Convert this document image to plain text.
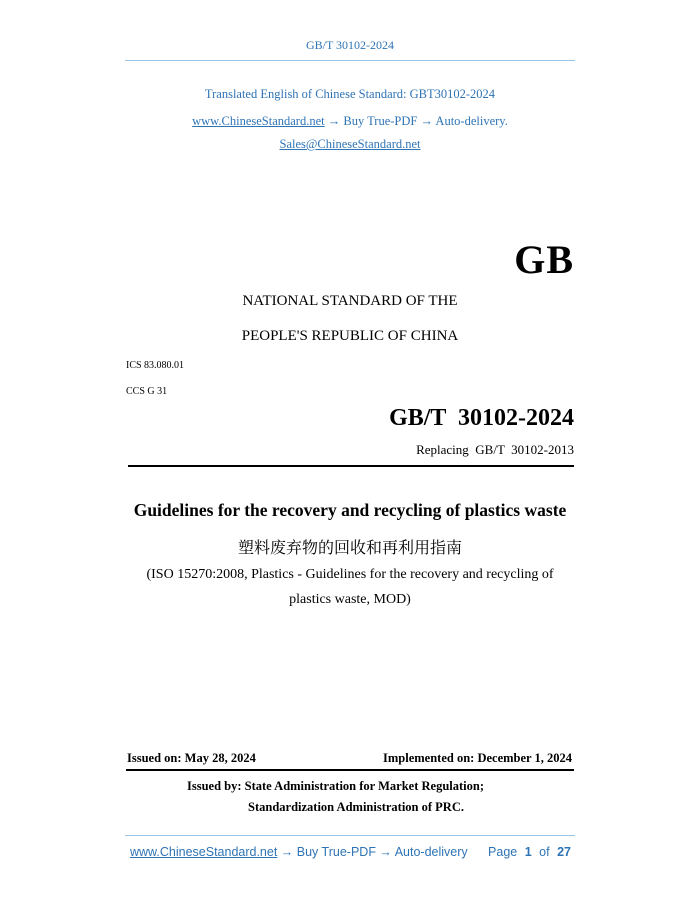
GB/T 30102-2024
Translated English of Chinese Standard: GBT30102-2024
www.ChineseStandard.net → Buy True-PDF → Auto-delivery.
Sales@ChineseStandard.net
GB
NATIONAL STANDARD OF THE
PEOPLE'S REPUBLIC OF CHINA
ICS 83.080.01
CCS G 31
GB/T  30102-2024
Replacing  GB/T  30102-2013
Guidelines for the recovery and recycling of plastics waste
塑料废弃物的回收和再利用指南
(ISO 15270:2008, Plastics - Guidelines for the recovery and recycling of
plastics waste, MOD)
Issued on: May 28, 2024	Implemented on: December 1, 2024
Issued by: State Administration for Market Regulation;
Standardization Administration of PRC.
www.ChineseStandard.net → Buy True-PDF → Auto-delivery Page 1 of 27
